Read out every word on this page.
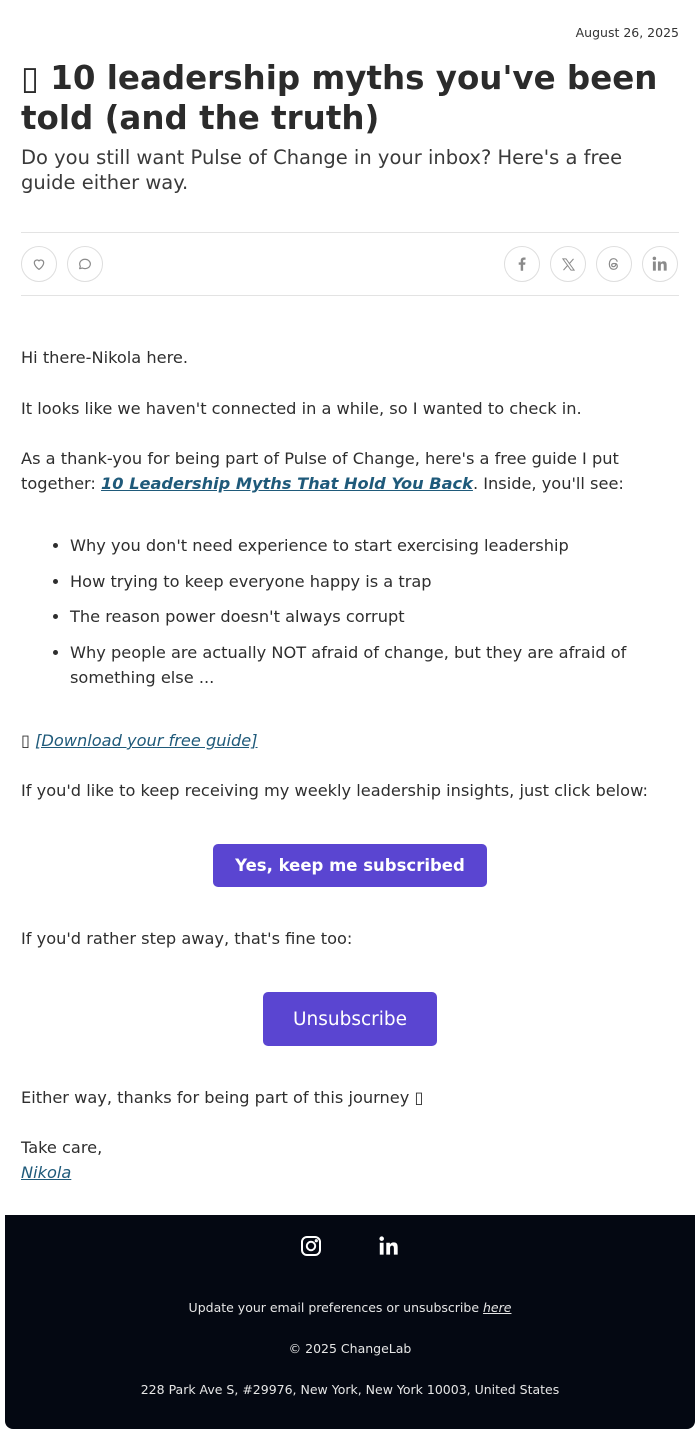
August 26, 2025
▯ 10 leadership myths you've been told (and the truth)

Do you still want Pulse of Change in your inbox? Here's a free guide either way.

Hi there-Nikola here.

It looks like we haven't connected in a while, so I wanted to check in.

As a thank-you for being part of Pulse of Change, here's a free guide I put together: 10 Leadership Myths That Hold You Back. Inside, you'll see:

• Why you don't need experience to start exercising leadership
• How trying to keep everyone happy is a trap
• The reason power doesn't always corrupt
• Why people are actually NOT afraid of change, but they are afraid of something else ...

▯ [Download your free guide]

If you'd like to keep receiving my weekly leadership insights, just click below:

Yes, keep me subscribed

If you'd rather step away, that's fine too:

Unsubscribe

Either way, thanks for being part of this journey ▯

Take care,
Nikola

Update your email preferences or unsubscribe here
© 2025 ChangeLab
228 Park Ave S, #29976, New York, New York 10003, United States
